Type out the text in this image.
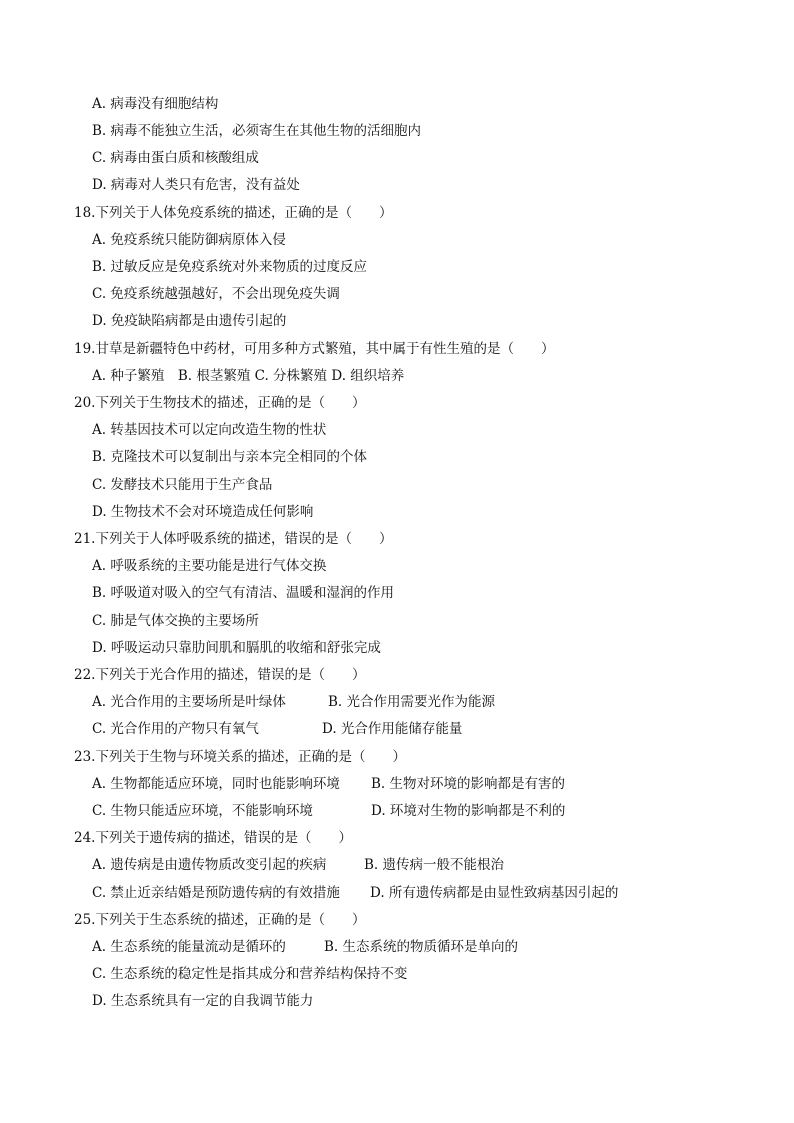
A. 病毒没有细胞结构
B. 病毒不能独立生活，必须寄生在其他生物的活细胞内
C. 病毒由蛋白质和核酸组成
D. 病毒对人类只有危害，没有益处
18.下列关于人体免疫系统的描述，正确的是（　　）
A. 免疫系统只能防御病原体入侵
B. 过敏反应是免疫系统对外来物质的过度反应
C. 免疫系统越强越好，不会出现免疫失调
D. 免疫缺陷病都是由遗传引起的
19.甘草是新疆特色中药材，可用多种方式繁殖，其中属于有性生殖的是（　　）
A. 种子繁殖　B. 根茎繁殖 C. 分株繁殖 D. 组织培养
20.下列关于生物技术的描述，正确的是（　　）
A. 转基因技术可以定向改造生物的性状
B. 克隆技术可以复制出与亲本完全相同的个体
C. 发酵技术只能用于生产食品
D. 生物技术不会对环境造成任何影响
21.下列关于人体呼吸系统的描述，错误的是（　　）
A. 呼吸系统的主要功能是进行气体交换
B. 呼吸道对吸入的空气有清洁、温暖和湿润的作用
C. 肺是气体交换的主要场所
D. 呼吸运动只靠肋间肌和膈肌的收缩和舒张完成
22.下列关于光合作用的描述，错误的是（　　）
A. 光合作用的主要场所是叶绿体	B. 光合作用需要光作为能源
C. 光合作用的产物只有氧气	D. 光合作用能储存能量
23.下列关于生物与环境关系的描述，正确的是（　　）
A. 生物都能适应环境，同时也能影响环境 B. 生物对环境的影响都是有害的
C. 生物只能适应环境，不能影响环境	D. 环境对生物的影响都是不利的
24.下列关于遗传病的描述，错误的是（　　）
A. 遗传病是由遗传物质改变引起的疾病	B. 遗传病一般不能根治
C. 禁止近亲结婚是预防遗传病的有效措施 D. 所有遗传病都是由显性致病基因引起的
25.下列关于生态系统的描述，正确的是（　　）
A. 生态系统的能量流动是循环的	B. 生态系统的物质循环是单向的
C. 生态系统的稳定性是指其成分和营养结构保持不变
D. 生态系统具有一定的自我调节能力
